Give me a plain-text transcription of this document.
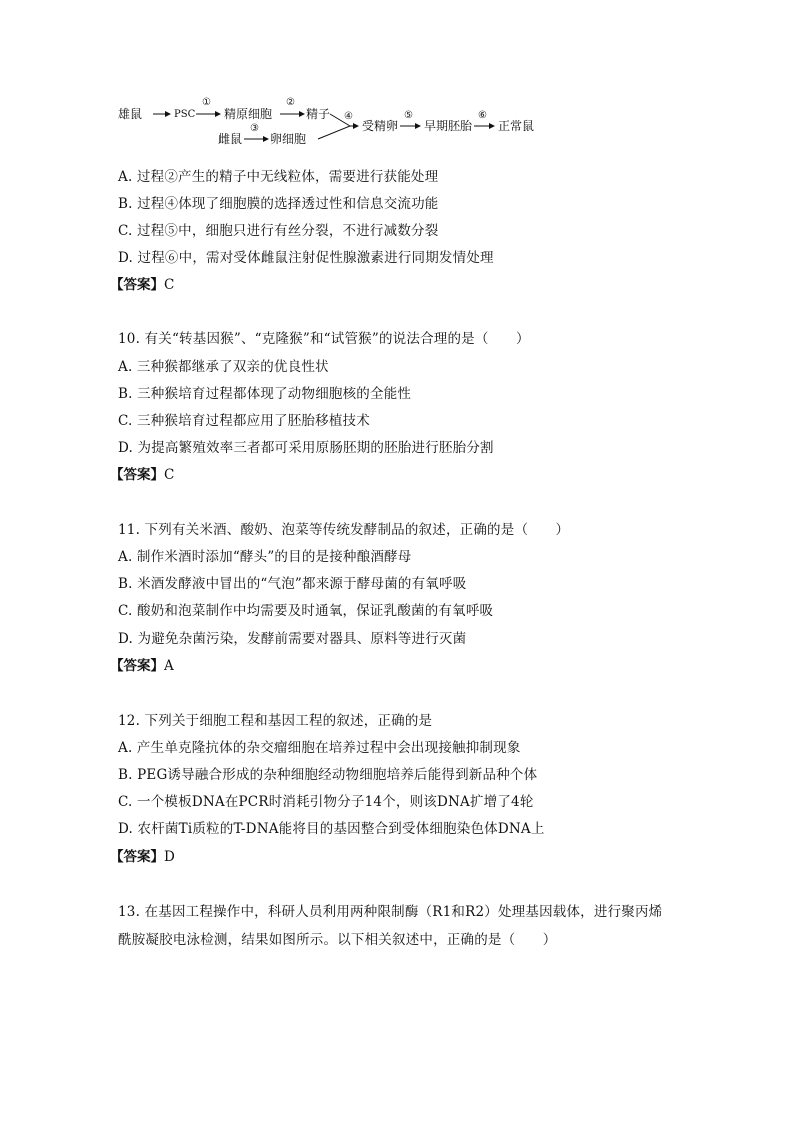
雄鼠	PSC
①
精原细胞
②
精子
雌鼠
③
卵细胞
④
受精卵
⑤
早期胚胎
⑥
正常鼠
A. 过程②产生的精子中无线粒体，需要进行获能处理
B. 过程④体现了细胞膜的选择透过性和信息交流功能
C. 过程⑤中，细胞只进行有丝分裂，不进行减数分裂
D. 过程⑥中，需对受体雌鼠注射促性腺激素进行同期发情处理
【答案】C
10. 有关“转基因猴”、“克隆猴”和“试管猴”的说法合理的是（　　）
A. 三种猴都继承了双亲的优良性状
B. 三种猴培育过程都体现了动物细胞核的全能性
C. 三种猴培育过程都应用了胚胎移植技术
D. 为提高繁殖效率三者都可采用原肠胚期的胚胎进行胚胎分割
【答案】C
11. 下列有关米酒、酸奶、泡菜等传统发酵制品的叙述，正确的是（　　）
A. 制作米酒时添加“酵头”的目的是接种酿酒酵母
B. 米酒发酵液中冒出的“气泡”都来源于酵母菌的有氧呼吸
C. 酸奶和泡菜制作中均需要及时通氧，保证乳酸菌的有氧呼吸
D. 为避免杂菌污染，发酵前需要对器具、原料等进行灭菌
【答案】A
12. 下列关于细胞工程和基因工程的叙述，正确的是
A. 产生单克隆抗体的杂交瘤细胞在培养过程中会出现接触抑制现象
B. PEG诱导融合形成的杂种细胞经动物细胞培养后能得到新品种个体
C. 一个模板DNA在PCR时消耗引物分子14个，则该DNA扩增了4轮
D. 农杆菌Ti质粒的T-DNA能将目的基因整合到受体细胞染色体DNA上
【答案】D
13. 在基因工程操作中，科研人员利用两种限制酶（R1和R2）处理基因载体，进行聚丙烯
酰胺凝胶电泳检测，结果如图所示。以下相关叙述中，正确的是（　　）
